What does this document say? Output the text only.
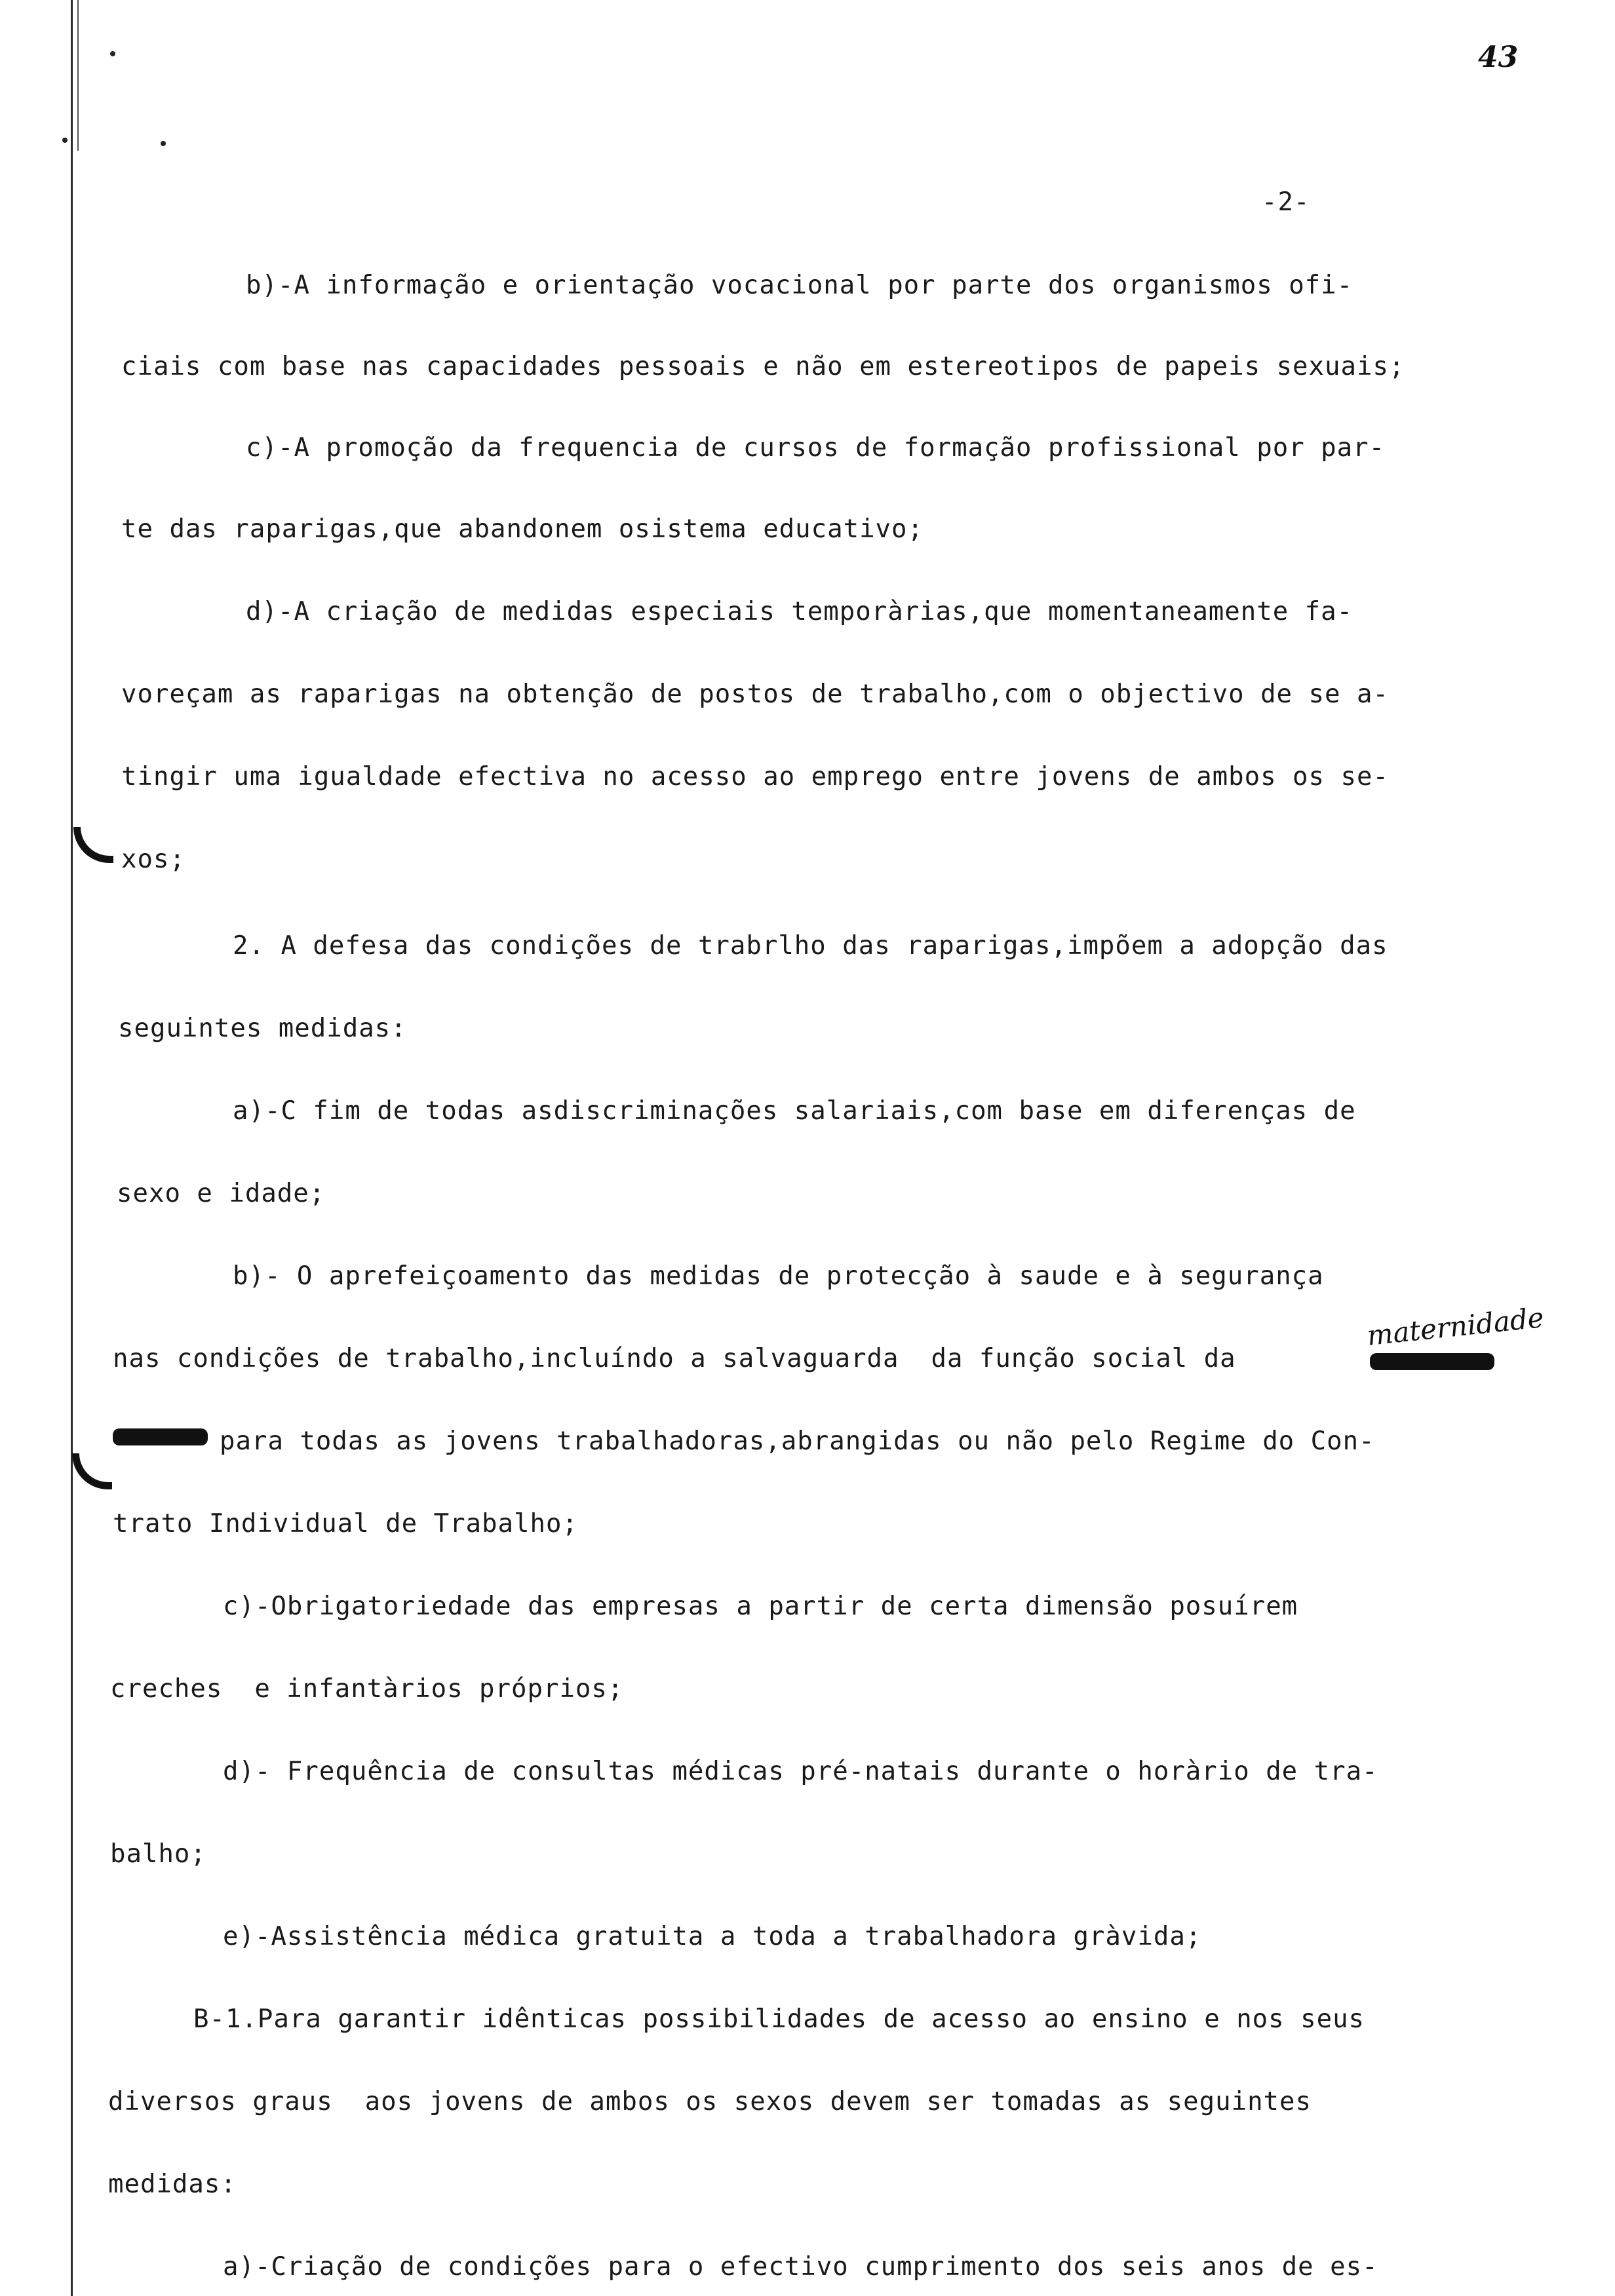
43
-2-
b)-A informação e orientação vocacional por parte dos organismos ofi-
ciais com base nas capacidades pessoais e não em estereotipos de papeis sexuais;
c)-A promoção da frequencia de cursos de formação profissional por par-
te das raparigas,que abandonem osistema educativo;
d)-A criação de medidas especiais temporàrias,que momentaneamente fa-
voreçam as raparigas na obtenção de postos de trabalho,com o objectivo de se a-
tingir uma igualdade efectiva no acesso ao emprego entre jovens de ambos os se-
xos;
2. A defesa das condições de trabrlho das raparigas,impõem a adopção das
seguintes medidas:
a)-C fim de todas asdiscriminações salariais,com base em diferenças de
sexo e idade;
b)- O aprefeiçoamento das medidas de protecção à saude e à segurança
nas condições de trabalho,incluíndo a salvaguarda  da função social da
maternidade
para todas as jovens trabalhadoras,abrangidas ou não pelo Regime do Con-
trato Individual de Trabalho;
c)-Obrigatoriedade das empresas a partir de certa dimensão posuírem
creches  e infantàrios próprios;
d)- Frequência de consultas médicas pré-natais durante o horàrio de tra-
balho;
e)-Assistência médica gratuita a toda a trabalhadora gràvida;
B-1.Para garantir idênticas possibilidades de acesso ao ensino e nos seus
diversos graus  aos jovens de ambos os sexos devem ser tomadas as seguintes
medidas:
a)-Criação de condições para o efectivo cumprimento dos seis anos de es-
